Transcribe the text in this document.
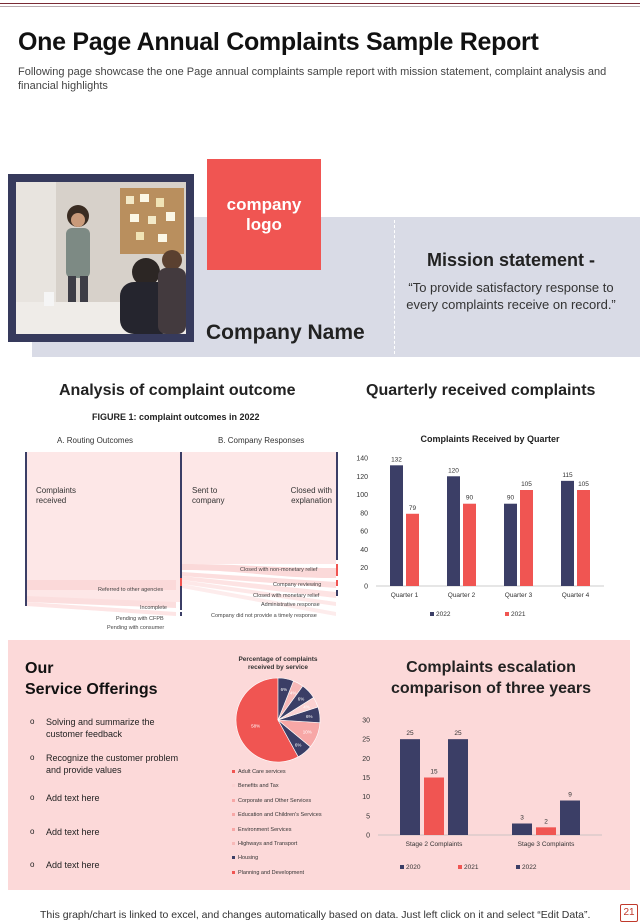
One Page Annual Complaints Sample Report
Following page showcase the one Page annual complaints sample report with mission statement, complaint analysis and financial highlights
company
logo
Company Name
Mission statement -
“To provide satisfactory response to every complaints receive on record.”
Analysis of complaint outcome
FIGURE 1: complaint outcomes in 2022
A. Routing Outcomes	B. Company Responses
Complaints
received
Sent to
company
Closed with
explanation
Referred to other agencies
Incomplete
Pending with CFPB
Pending with consumer
Closed with non-monetary relief
Company reviewing
Closed with monetary relief
Administrative response
Company did not provide a timely response
Quarterly received complaints
Complaints Received by Quarter
0
20
40
60
80
100
120
140	132
79
Quarter 1
120
90
Quarter 2
90
105
Quarter 3
115
105
Quarter 4
2022	2021
Our
Service Offerings
o Solving and summarize the
customer feedback
o Recognize the customer problem
and provide values
o Add text here
o Add text here
o Add text here
Percentage of complaints
received by service
58%
6%
10%
6%
4%
6%
4%
6%
Adult Care services
Benefits and Tax
Corporate and Other Services
Education and Children's Services
Environment Services
Highways and Transport
Housing
Planning and Development
Complaints escalation
comparison of three years
0
5
10
15
20
25
30
25
15
25
Stage 2 Complaints
3
2
9
Stage 3 Complaints
2020	2021	2022
This graph/chart is linked to excel, and changes automatically based on data. Just left click on it and select “Edit Data”.	21
